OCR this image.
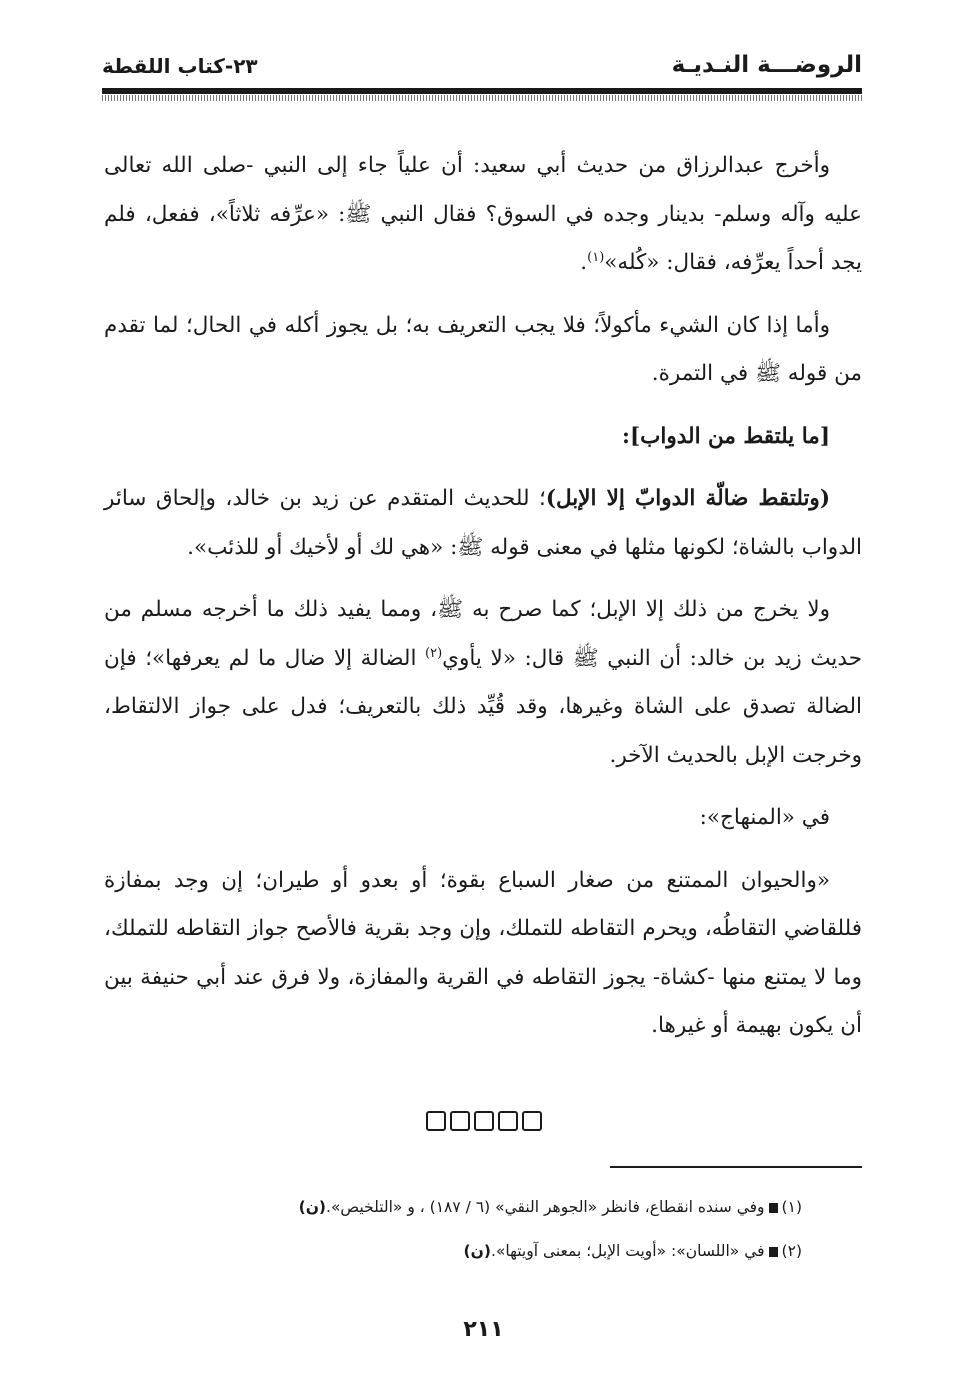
الروضـــة النـديـة
٢٣-كتاب اللقطة

وأخرج عبدالرزاق من حديث أبي سعيد: أن علياً جاء إلى النبي -صلى الله تعالى عليه وآله وسلم- بدينار وجده في السوق؟ فقال النبي ﷺ: «عرِّفه ثلاثاً»، ففعل، فلم يجد أحداً يعرِّفه، فقال: «كُله»$^{(١)}$.

وأما إذا كان الشيء مأكولاً؛ فلا يجب التعريف به؛ بل يجوز أكله في الحال؛ لما تقدم من قوله ﷺ في التمرة.

[ما يلتقط من الدواب]:

(وتلتقط ضالّة الدوابّ إلا الإبل)؛ للحديث المتقدم عن زيد بن خالد، وإلحاق سائر الدواب بالشاة؛ لكونها مثلها في معنى قوله ﷺ: «هي لك أو لأخيك أو للذئب».

ولا يخرج من ذلك إلا الإبل؛ كما صرح به ﷺ، ومما يفيد ذلك ما أخرجه مسلم من حديث زيد بن خالد: أن النبي ﷺ قال: «لا يأوي$^{(٢)}$ الضالة إلا ضال ما لم يعرفها»؛ فإن الضالة تصدق على الشاة وغيرها، وقد قُيِّد ذلك بالتعريف؛ فدل على جواز الالتقاط، وخرجت الإبل بالحديث الآخر.

في «المنهاج»:

«والحيوان الممتنع من صغار السباع بقوة؛ أو بعدو أو طيران؛ إن وجد بمفازة فللقاضي التقاطُه، ويحرم التقاطه للتملك، وإن وجد بقرية فالأصح جواز التقاطه للتملك، وما لا يمتنع منها -كشاة- يجوز التقاطه في القرية والمفازة، ولا فرق عند أبي حنيفة بين أن يكون بهيمة أو غيرها.

(١)وفي سنده انقطاع، فانظر «الجوهر النقي» (٦ / ١٨٧) ، و «التلخيص».(ن)
(٢)في «اللسان»: «أويت الإبل؛ بمعنى آويتها».(ن)
٢١١
